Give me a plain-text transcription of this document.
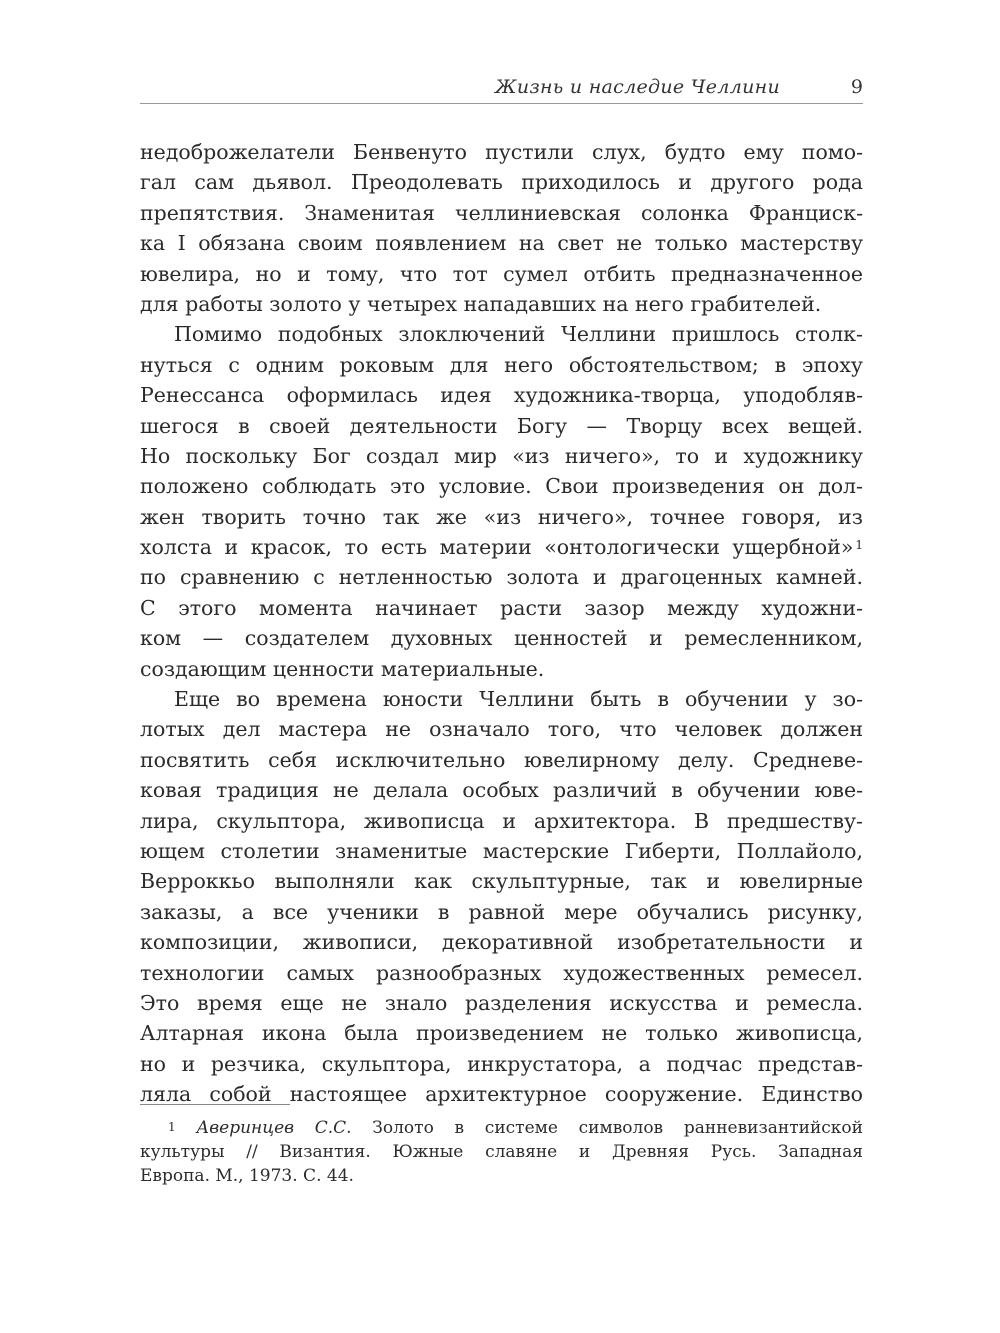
Жизнь и наследие Челлини	9
недоброжелатели Бенвенуто пустили слух, будто ему помо-
гал сам дьявол. Преодолевать приходилось и другого рода
препятствия. Знаменитая челлиниевская солонка Франциск-
ка I обязана своим появлением на свет не только мастерству
ювелира, но и тому, что тот сумел отбить предназначенное
для работы золото у четырех нападавших на него грабителей.
Помимо подобных злоключений Челлини пришлось столк-
нуться с одним роковым для него обстоятельством; в эпоху
Ренессанса оформилась идея художника-творца, уподобляв-
шегося в своей деятельности Богу — Творцу всех вещей.
Но поскольку Бог создал мир «из ничего», то и художнику
положено соблюдать это условие. Свои произведения он дол-
жен творить точно так же «из ничего», точнее говоря, из
холста и красок, то есть материи «онтологически ущербной» $^1$
по сравнению с нетленностью золота и драгоценных камней.
С этого момента начинает расти зазор между художни-
ком — создателем духовных ценностей и ремесленником,
создающим ценности материальные.
Еще во времена юности Челлини быть в обучении у зо-
лотых дел мастера не означало того, что человек должен
посвятить себя исключительно ювелирному делу. Средневе-
ковая традиция не делала особых различий в обучении юве-
лира, скульптора, живописца и архитектора. В предшеству-
ющем столетии знаменитые мастерские Гиберти, Поллайоло,
Верроккьо выполняли как скульптурные, так и ювелирные
заказы, а все ученики в равной мере обучались рисунку,
композиции, живописи, декоративной изобретательности и
технологии самых разнообразных художественных ремесел.
Это время еще не знало разделения искусства и ремесла.
Алтарная икона была произведением не только живописца,
но и резчика, скульптора, инкрустатора, а подчас представ-
ляла собой настоящее архитектурное сооружение. Единство
$^1$ Аверинцев С.С. Золото в системе символов ранневизантийской
культуры // Византия. Южные славяне и Древняя Русь. Западная
Европа. М., 1973. С. 44.
